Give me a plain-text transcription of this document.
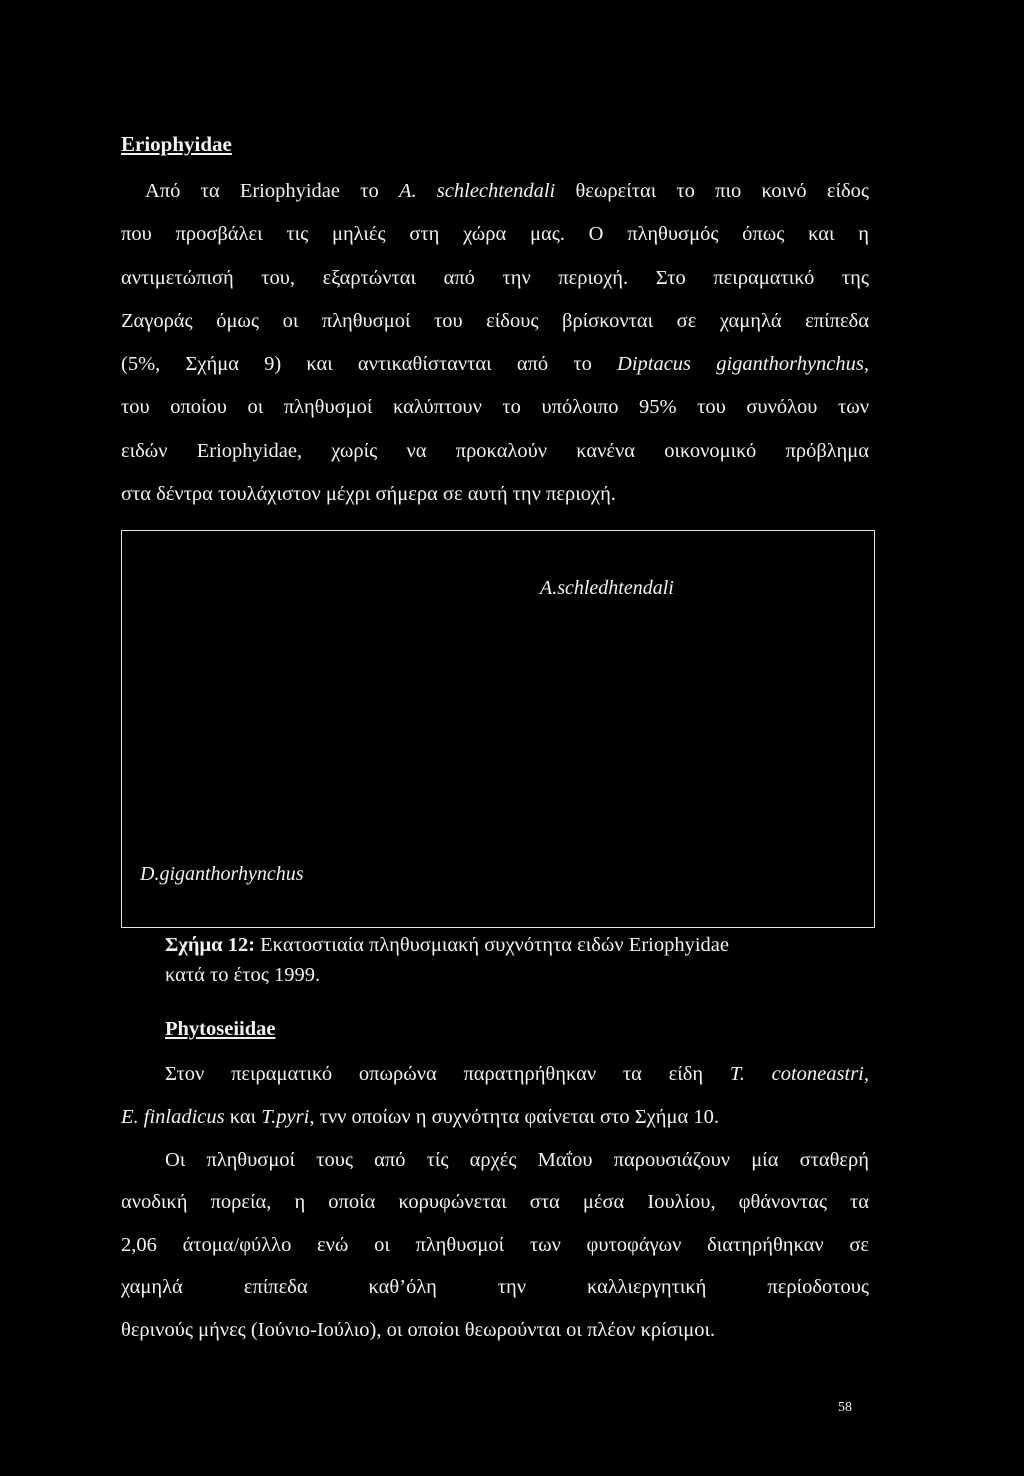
Eriophyidae
Από τα Eriophyidae το A. schlechtendali θεωρείται το πιο κοινό είδος
που προσβάλει τις μηλιές στη χώρα μας. Ο πληθυσμός όπως και η
αντιμετώπισή του, εξαρτώνται από την περιοχή. Στο πειραματικό της
Ζαγοράς όμως οι πληθυσμοί του είδους βρίσκονται σε χαμηλά επίπεδα
(5%, Σχήμα 9) και αντικαθίστανται από το Diptacus giganthorhynchus,
του οποίου οι πληθυσμοί καλύπτουν το υπόλοιπο 95% του συνόλου των
ειδών Eriophyidae, χωρίς να προκαλούν κανένα οικονομικό πρόβλημα
στα δέντρα τουλάχιστον μέχρι σήμερα σε αυτή την περιοχή.
A.schledhtendali
D.giganthorhynchus
Σχήμα 12: Εκατοστιαία πληθυσμιακή συχνότητα ειδών Eriophyidae
κατά το έτος 1999.
Phytoseiidae
Στον πειραματικό οπωρώνα παρατηρήθηκαν τα είδη T. cotoneastri,
E. finladicus και T.pyri, τνν οποίων η συχνότητα φαίνεται στο Σχήμα 10.
Οι πληθυσμοί τους από τίς αρχές Μαΐου παρουσιάζουν μία σταθερή
ανοδική πορεία, η οποία κορυφώνεται στα μέσα Ιουλίου, φθάνοντας τα
2,06 άτομα/φύλλο ενώ οι πληθυσμοί των φυτοφάγων διατηρήθηκαν σε
χαμηλά επίπεδα καθ’όλη την καλλιεργητική περίοδοτους
θερινούς μήνες (Ιούνιο-Ιούλιο), οι οποίοι θεωρούνται οι πλέον κρίσιμοι.
58
